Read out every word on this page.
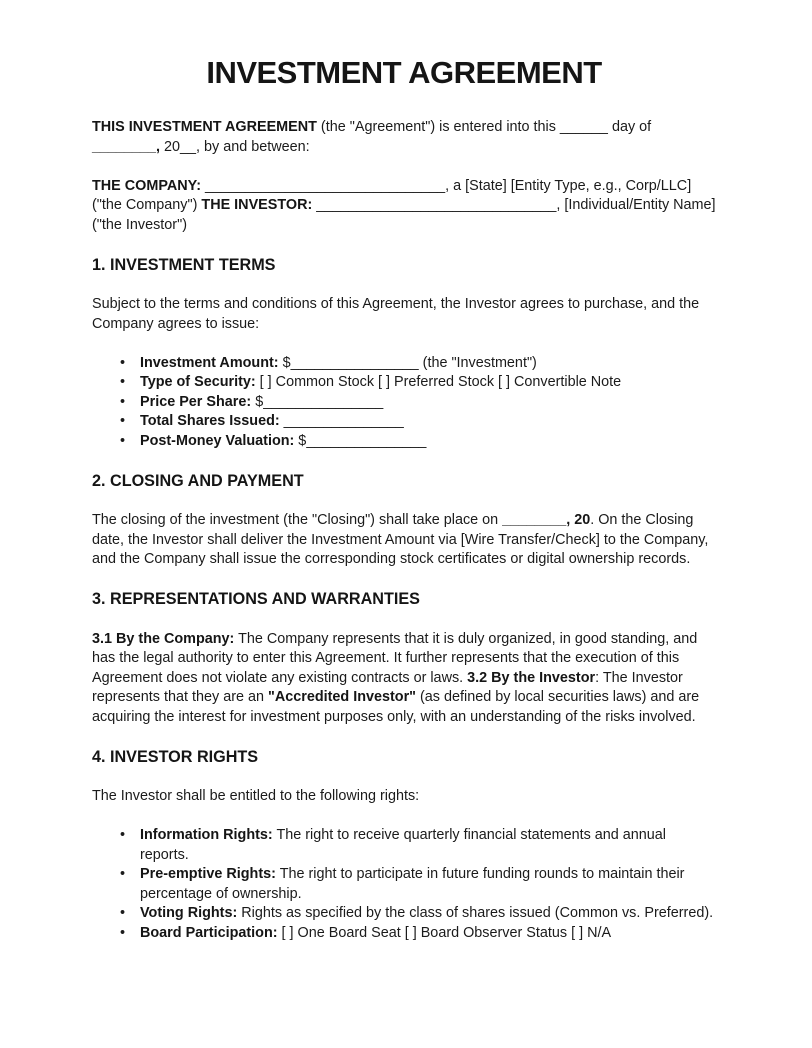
INVESTMENT AGREEMENT

THIS INVESTMENT AGREEMENT (the "Agreement") is entered into this ______ day of ________, 20__, by and between:

THE COMPANY: ______________________________, a [State] [Entity Type, e.g., Corp/LLC] ("the Company") THE INVESTOR: ______________________________, [Individual/Entity Name] ("the Investor")

1. INVESTMENT TERMS

Subject to the terms and conditions of this Agreement, the Investor agrees to purchase, and the Company agrees to issue:

• Investment Amount: $________________ (the "Investment")
• Type of Security: [ ] Common Stock [ ] Preferred Stock [ ] Convertible Note
• Price Per Share: $_______________
• Total Shares Issued: _______________
• Post-Money Valuation: $_______________
2. CLOSING AND PAYMENT

The closing of the investment (the "Closing") shall take place on ________, 20. On the Closing date, the Investor shall deliver the Investment Amount via [Wire Transfer/Check] to the Company, and the Company shall issue the corresponding stock certificates or digital ownership records.

3. REPRESENTATIONS AND WARRANTIES

3.1 By the Company: The Company represents that it is duly organized, in good standing, and has the legal authority to enter this Agreement. It further represents that the execution of this Agreement does not violate any existing contracts or laws. 3.2 By the Investor: The Investor represents that they are an "Accredited Investor" (as defined by local securities laws) and are acquiring the interest for investment purposes only, with an understanding of the risks involved.

4. INVESTOR RIGHTS

The Investor shall be entitled to the following rights:

• Information Rights: The right to receive quarterly financial statements and annual reports.
• Pre-emptive Rights: The right to participate in future funding rounds to maintain their percentage of ownership.
• Voting Rights: Rights as specified by the class of shares issued (Common vs. Preferred).
• Board Participation: [ ] One Board Seat [ ] Board Observer Status [ ] N/A
